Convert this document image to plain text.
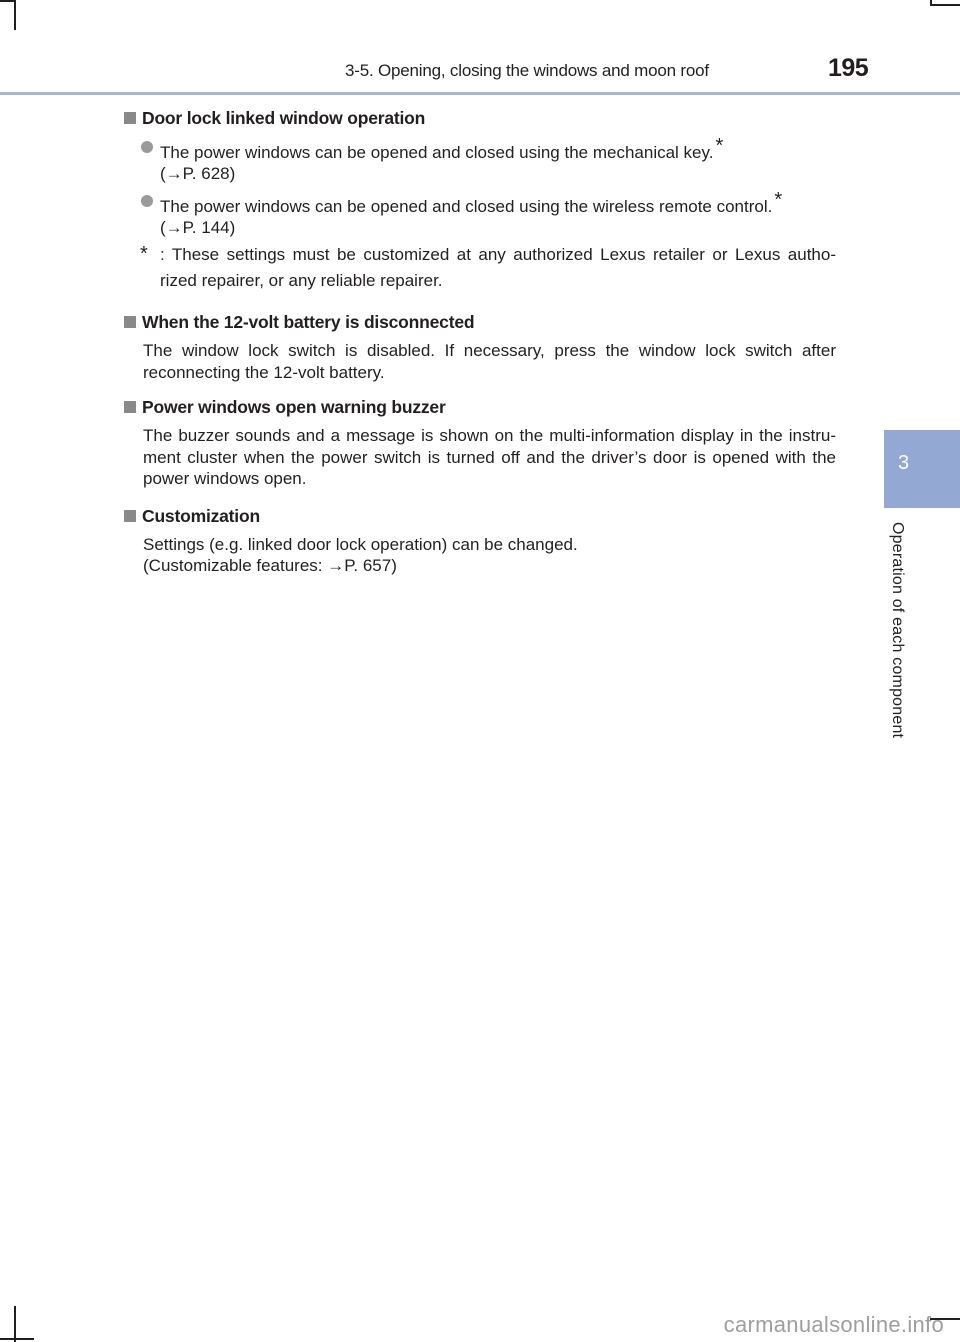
3-5. Opening, closing the windows and moon roof	195
3
Operation of each component
Door lock linked window operation
The power windows can be opened and closed using the mechanical key. *
(→P. 628)
The power windows can be opened and closed using the wireless remote control. *
(→P. 144)
* : These settings must be customized at any authorized Lexus retailer or Lexus autho- rized repairer, or any reliable repairer.
When the 12-volt battery is disconnected
The window lock switch is disabled. If necessary, press the window lock switch after reconnecting the 12-volt battery.
Power windows open warning buzzer
The buzzer sounds and a message is shown on the multi-information display in the instru- ment cluster when the power switch is turned off and the driver’s door is opened with the power windows open.
Customization
Settings (e.g. linked door lock operation) can be changed.
(Customizable features: →P. 657)
carmanualsonline.info
